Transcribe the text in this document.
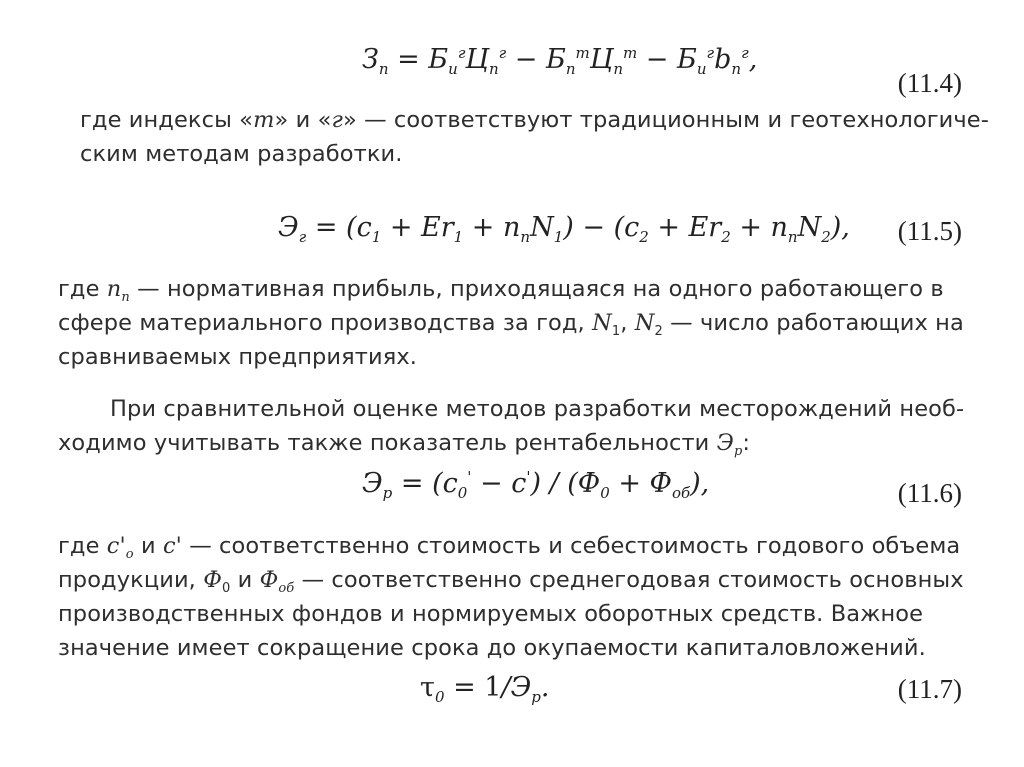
$З_п = Б_и^гЦ_п^г - Б_п^mЦ_п^m - Б_и^гb_п^г$,
(11.4)
где индексы «т» и «г» — соответствуют традиционным и геотехнологиче-
ским методам разработки.
$Э_г = (c_1 + Er_1 + n_пN_1) - (c_2 + Er_2 + n_пN_2)$, (11.5)
где $п_п$ — нормативная прибыль, приходящаяся на одного работающего в
сфере материального производства за год, $N_1$, $N_2$ — число работающих на
сравниваемых предприятиях.
При сравнительной оценке методов разработки месторождений необ-
ходимо учитывать также показатель рентабельности $Э_р$:
$Э_р = (c_0' - c') / (Ф_0 + Ф_{об})$,	(11.6)
где $с'_о$ и с' — соответственно стоимость и себестоимость годового объема
продукции, $Ф_0$ и $Ф_{об}$ — соответственно среднегодовая стоимость основных
производственных фондов и нормируемых оборотных средств. Важное
значение имеет сокращение срока до окупаемости капиталовложений.
$\tau_0 = 1/Э_р$.	(11.7)
